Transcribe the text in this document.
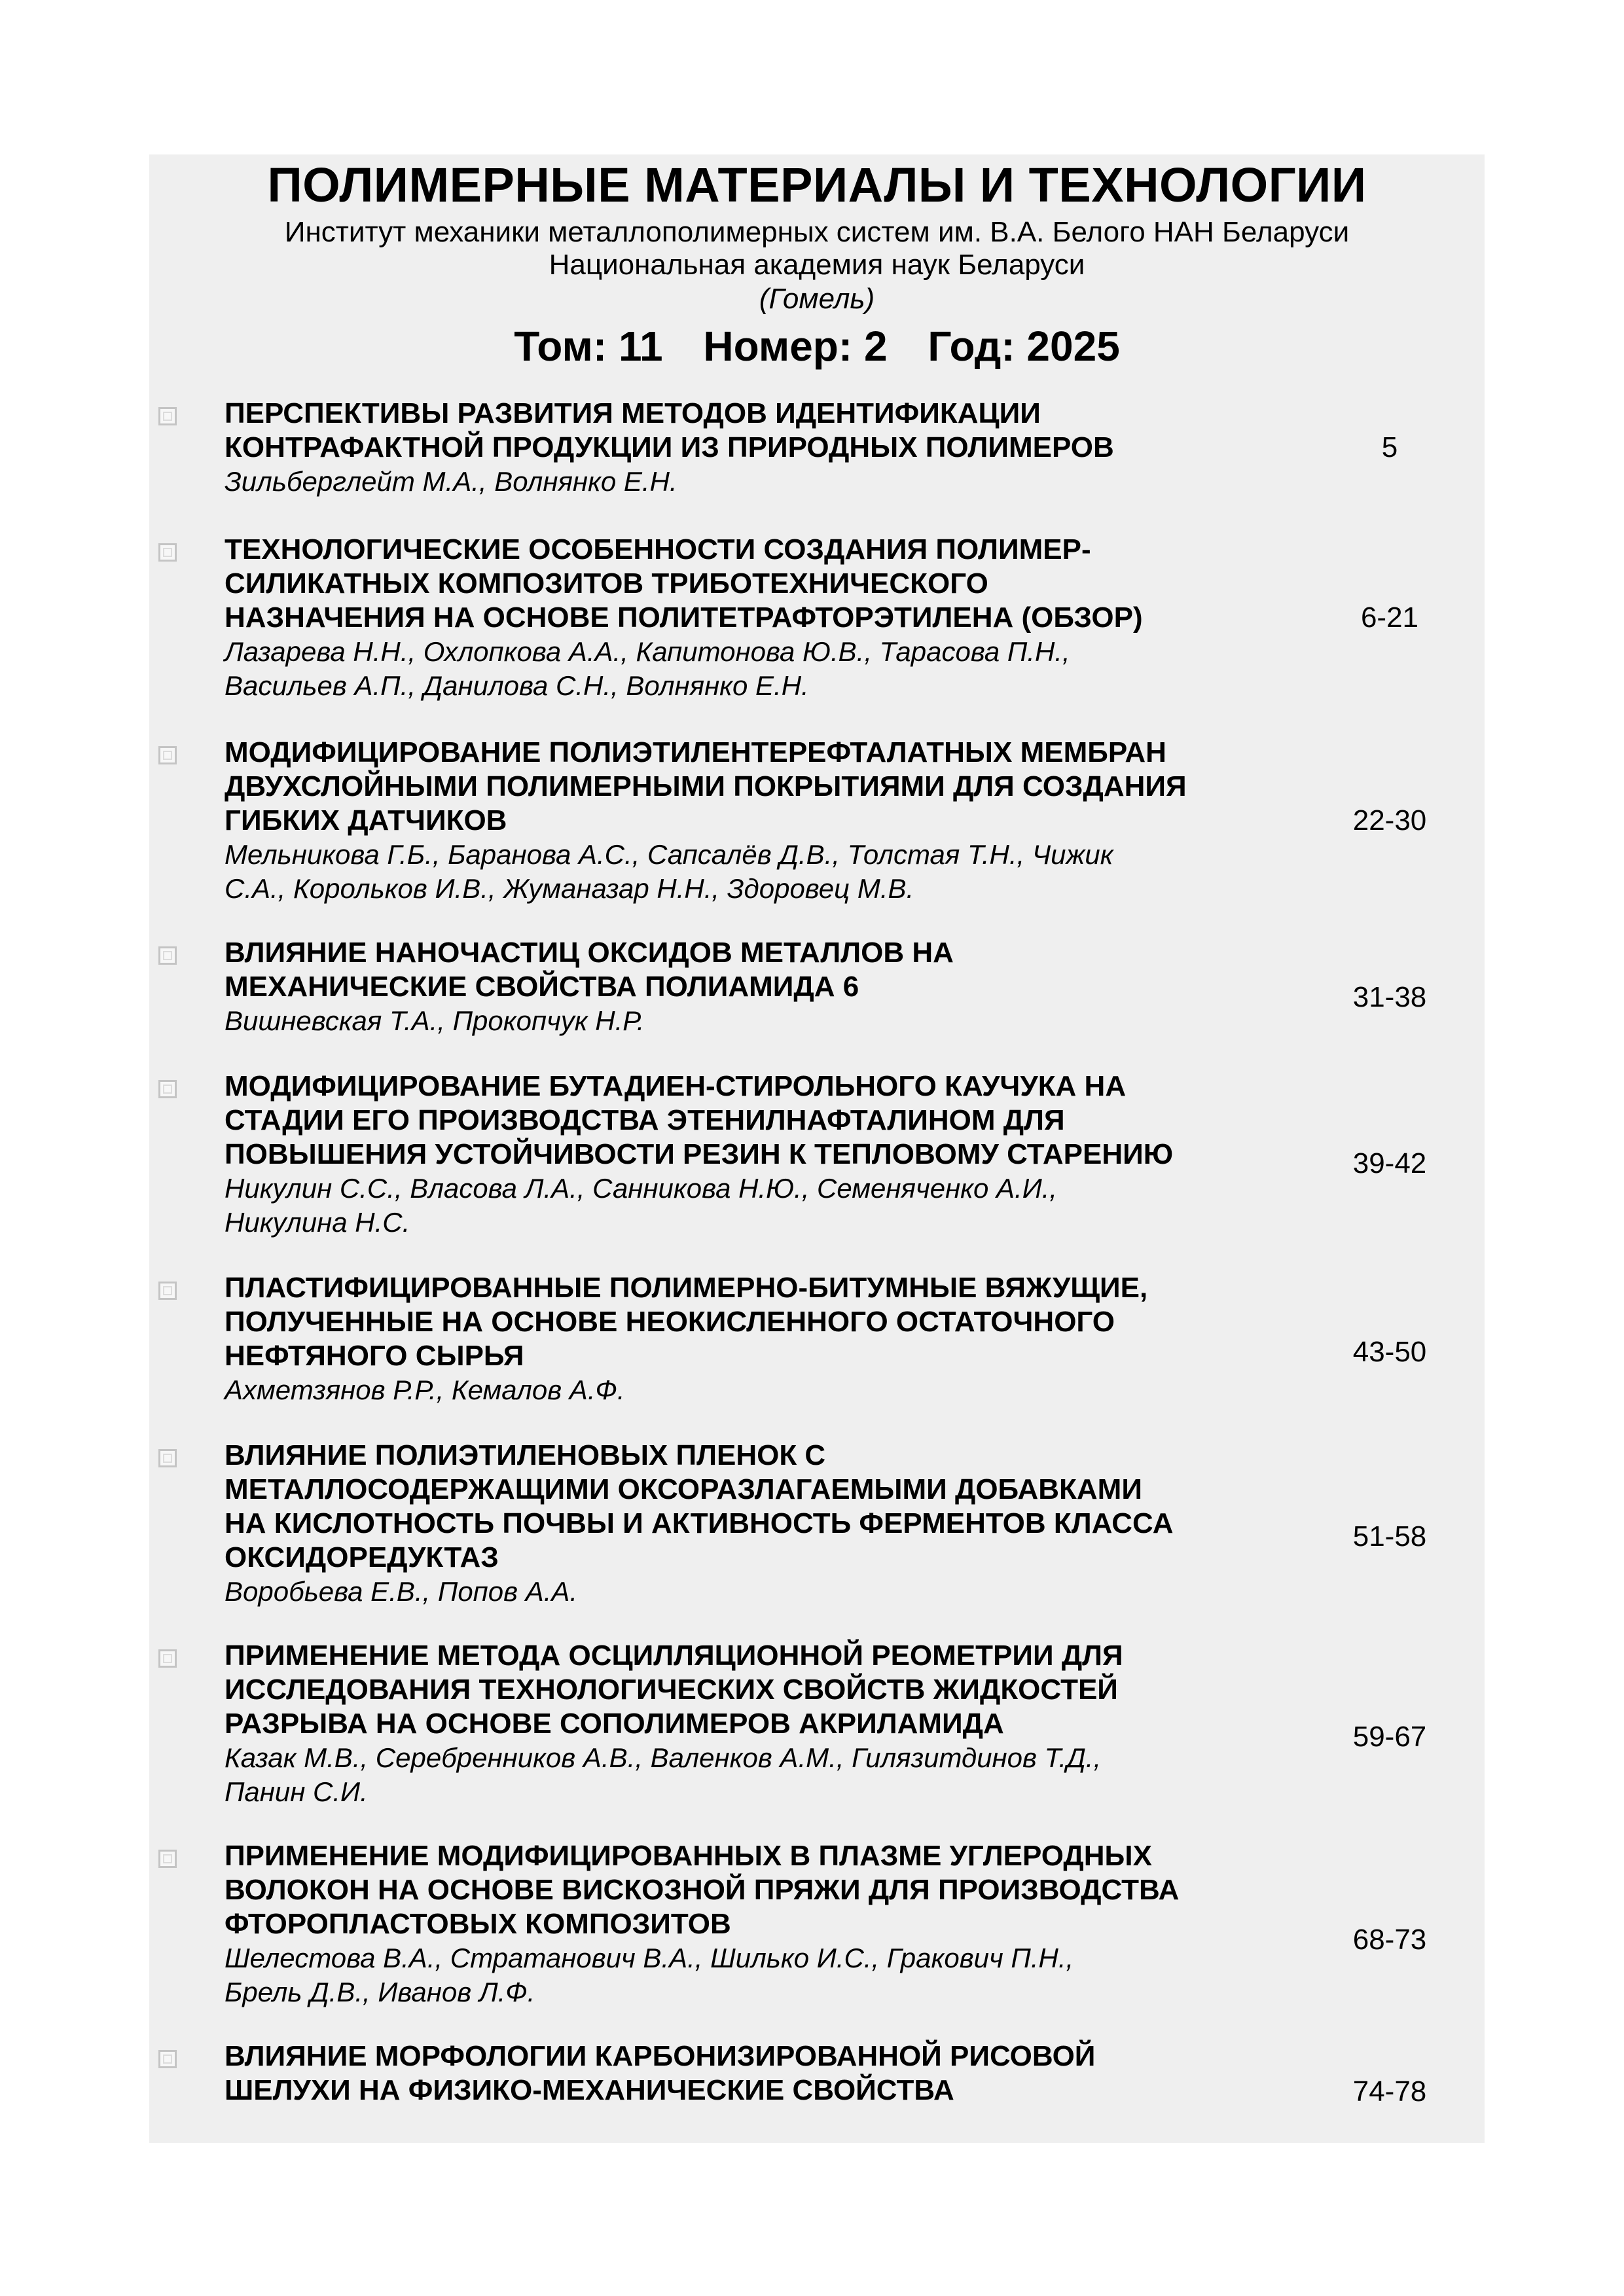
ПОЛИМЕРНЫЕ МАТЕРИАЛЫ И ТЕХНОЛОГИИ
Институт механики металлополимерных систем им. В.А. Белого НАН Беларуси
Национальная академия наук Беларуси
(Гомель)
Том: 11 Номер: 2 Год: 2025
ПЕРСПЕКТИВЫ РАЗВИТИЯ МЕТОДОВ ИДЕНТИФИКАЦИИ
КОНТРАФАКТНОЙ ПРОДУКЦИИ ИЗ ПРИРОДНЫХ ПОЛИМЕРОВ
Зильберглейт М.А., Волнянко Е.Н.
5
ТЕХНОЛОГИЧЕСКИЕ ОСОБЕННОСТИ СОЗДАНИЯ ПОЛИМЕР-
СИЛИКАТНЫХ КОМПОЗИТОВ ТРИБОТЕХНИЧЕСКОГО
НАЗНАЧЕНИЯ НА ОСНОВЕ ПОЛИТЕТРАФТОРЭТИЛЕНА (ОБЗОР)
Лазарева Н.Н., Охлопкова А.А., Капитонова Ю.В., Тарасова П.Н.,
Васильев А.П., Данилова С.Н., Волнянко Е.Н.
6-21
МОДИФИЦИРОВАНИЕ ПОЛИЭТИЛЕНТЕРЕФТАЛАТНЫХ МЕМБРАН
ДВУХСЛОЙНЫМИ ПОЛИМЕРНЫМИ ПОКРЫТИЯМИ ДЛЯ СОЗДАНИЯ
ГИБКИХ ДАТЧИКОВ
Мельникова Г.Б., Баранова А.С., Сапсалёв Д.В., Толстая Т.Н., Чижик
С.А., Корольков И.В., Жуманазар Н.Н., Здоровец М.В.
22-30
ВЛИЯНИЕ НАНОЧАСТИЦ ОКСИДОВ МЕТАЛЛОВ НА
МЕХАНИЧЕСКИЕ СВОЙСТВА ПОЛИАМИДА 6
Вишневская Т.А., Прокопчук Н.Р.
31-38
МОДИФИЦИРОВАНИЕ БУТАДИЕН-СТИРОЛЬНОГО КАУЧУКА НА
СТАДИИ ЕГО ПРОИЗВОДСТВА ЭТЕНИЛНАФТАЛИНОМ ДЛЯ
ПОВЫШЕНИЯ УСТОЙЧИВОСТИ РЕЗИН К ТЕПЛОВОМУ СТАРЕНИЮ
Никулин С.С., Власова Л.А., Санникова Н.Ю., Семеняченко А.И.,
Никулина Н.С.
39-42
ПЛАСТИФИЦИРОВАННЫЕ ПОЛИМЕРНО-БИТУМНЫЕ ВЯЖУЩИЕ,
ПОЛУЧЕННЫЕ НА ОСНОВЕ НЕОКИСЛЕННОГО ОСТАТОЧНОГО
НЕФТЯНОГО СЫРЬЯ
Ахметзянов Р.Р., Кемалов А.Ф.
43-50
ВЛИЯНИЕ ПОЛИЭТИЛЕНОВЫХ ПЛЕНОК С
МЕТАЛЛОСОДЕРЖАЩИМИ ОКСОРАЗЛАГАЕМЫМИ ДОБАВКАМИ
НА КИСЛОТНОСТЬ ПОЧВЫ И АКТИВНОСТЬ ФЕРМЕНТОВ КЛАССА
ОКСИДОРЕДУКТАЗ
Воробьева Е.В., Попов А.А.
51-58
ПРИМЕНЕНИЕ МЕТОДА ОСЦИЛЛЯЦИОННОЙ РЕОМЕТРИИ ДЛЯ
ИССЛЕДОВАНИЯ ТЕХНОЛОГИЧЕСКИХ СВОЙСТВ ЖИДКОСТЕЙ
РАЗРЫВА НА ОСНОВЕ СОПОЛИМЕРОВ АКРИЛАМИДА
Казак М.В., Серебренников А.В., Валенков А.М., Гилязитдинов Т.Д.,
Панин С.И.
59-67
ПРИМЕНЕНИЕ МОДИФИЦИРОВАННЫХ В ПЛАЗМЕ УГЛЕРОДНЫХ
ВОЛОКОН НА ОСНОВЕ ВИСКОЗНОЙ ПРЯЖИ ДЛЯ ПРОИЗВОДСТВА
ФТОРОПЛАСТОВЫХ КОМПОЗИТОВ
Шелестова В.А., Стратанович В.А., Шилько И.С., Гракович П.Н.,
Брель Д.В., Иванов Л.Ф.
68-73
ВЛИЯНИЕ МОРФОЛОГИИ КАРБОНИЗИРОВАННОЙ РИСОВОЙ
ШЕЛУХИ НА ФИЗИКО-МЕХАНИЧЕСКИЕ СВОЙСТВА	74-78
